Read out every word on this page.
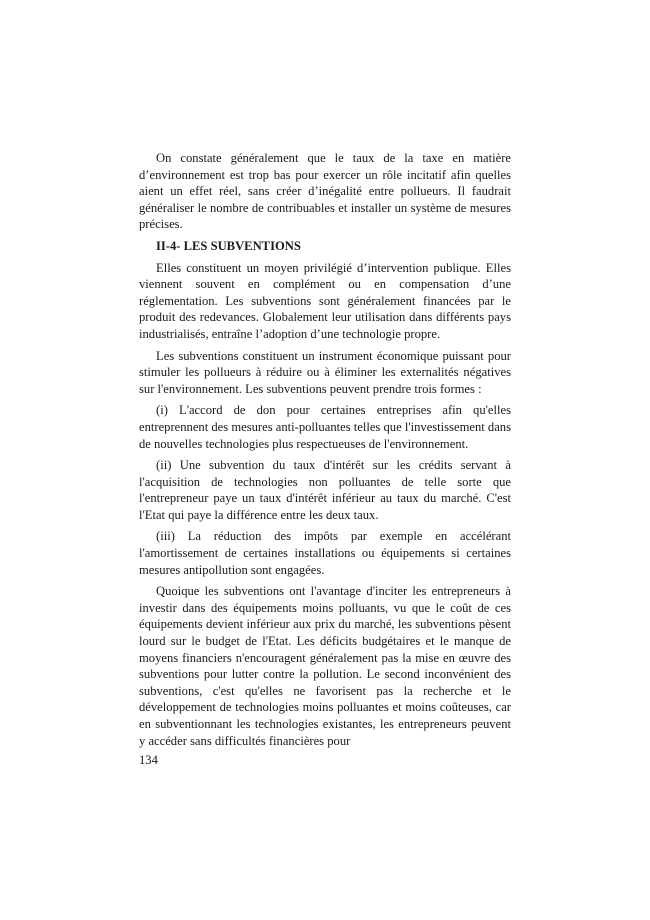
On constate généralement que le taux de la taxe en matière d’environnement est trop bas pour exercer un rôle incitatif afin quelles aient un effet réel, sans créer d’inégalité entre pollueurs. Il faudrait généraliser le nombre de contribuables et installer un système de mesures précises.

II-4- LES SUBVENTIONS

Elles constituent un moyen privilégié d’intervention publique. Elles viennent souvent en complément ou en compensation d’une réglementation. Les subventions sont généralement financées par le produit des redevances. Globalement leur utilisation dans différents pays industrialisés, entraîne l’adoption d’une technologie propre.

Les subventions constituent un instrument économique puissant pour stimuler les pollueurs à réduire ou à éliminer les externalités négatives sur l'environnement. Les subventions peuvent prendre trois formes :

(i) L'accord de don pour certaines entreprises afin qu'elles entreprennent des mesures anti-polluantes telles que l'investissement dans de nouvelles technologies plus respectueuses de l'environnement.

(ii) Une subvention du taux d'intérêt sur les crédits servant à l'acquisition de technologies non polluantes de telle sorte que l'entrepreneur paye un taux d'intérêt inférieur au taux du marché. C'est l'Etat qui paye la différence entre les deux taux.

(iii) La réduction des impôts par exemple en accélérant l'amortissement de certaines installations ou équipements si certaines mesures antipollution sont engagées.

Quoique les subventions ont l'avantage d'inciter les entrepreneurs à investir dans des équipements moins polluants, vu que le coût de ces équipements devient inférieur aux prix du marché, les subventions pèsent lourd sur le budget de l'Etat. Les déficits budgétaires et le manque de moyens financiers n'encouragent généralement pas la mise en œuvre des subventions pour lutter contre la pollution. Le second inconvénient des subventions, c'est qu'elles ne favorisent pas la recherche et le développement de technologies moins polluantes et moins coûteuses, car en subventionnant les technologies existantes, les entrepreneurs peuvent y accéder sans difficultés financières pour

134
